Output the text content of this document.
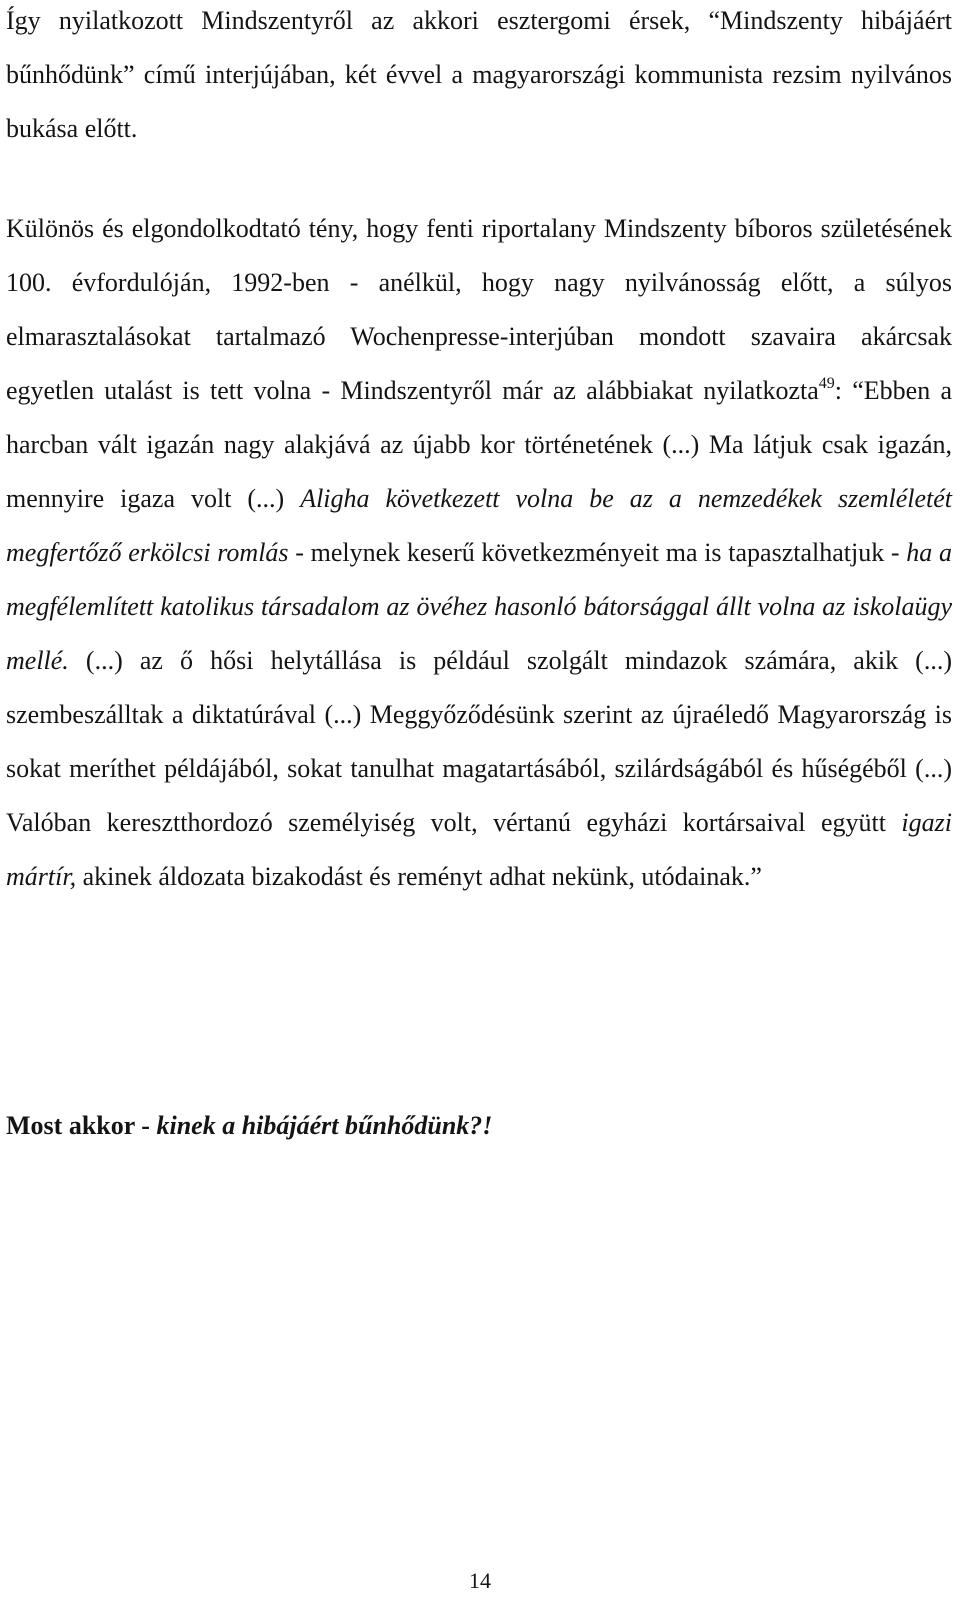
Így nyilatkozott Mindszentyről az akkori esztergomi érsek, “Mindszenty hibájáért bűnhődünk” című interjújában, két évvel a magyarországi kommunista rezsim nyilvános bukása előtt.

Különös és elgondolkodtató tény, hogy fenti riportalany Mindszenty bíboros születésének 100. évfordulóján, 1992-ben - anélkül, hogy nagy nyilvánosság előtt, a súlyos elmarasztalásokat tartalmazó Wochenpresse-interjúban mondott szavaira akárcsak egyetlen utalást is tett volna - Mindszentyről már az alábbiakat nyilatkozta$^{49}$: “Ebben a harcban vált igazán nagy alakjává az újabb kor történetének (...) Ma látjuk csak igazán, mennyire igaza volt (...) Aligha következett volna be az a nemzedékek szemléletét megfertőző erkölcsi romlás - melynek keserű következményeit ma is tapasztalhatjuk - ha a megfélemlített katolikus társadalom az övéhez hasonló bátorsággal állt volna az iskolaügy mellé. (...) az ő hősi helytállása is például szolgált mindazok számára, akik (...) szembeszálltak a diktatúrával (...) Meggyőződésünk szerint az újraéledő Magyarország is sokat meríthet példájából, sokat tanulhat magatartásából, szilárdságából és hűségéből (...) Valóban keresztthordozó személyiség volt, vértanú egyházi kortársaival együtt igazi mártír, akinek áldozata bizakodást és reményt adhat nekünk, utódainak.”

Most akkor - kinek a hibájáért bűnhődünk?!

14
